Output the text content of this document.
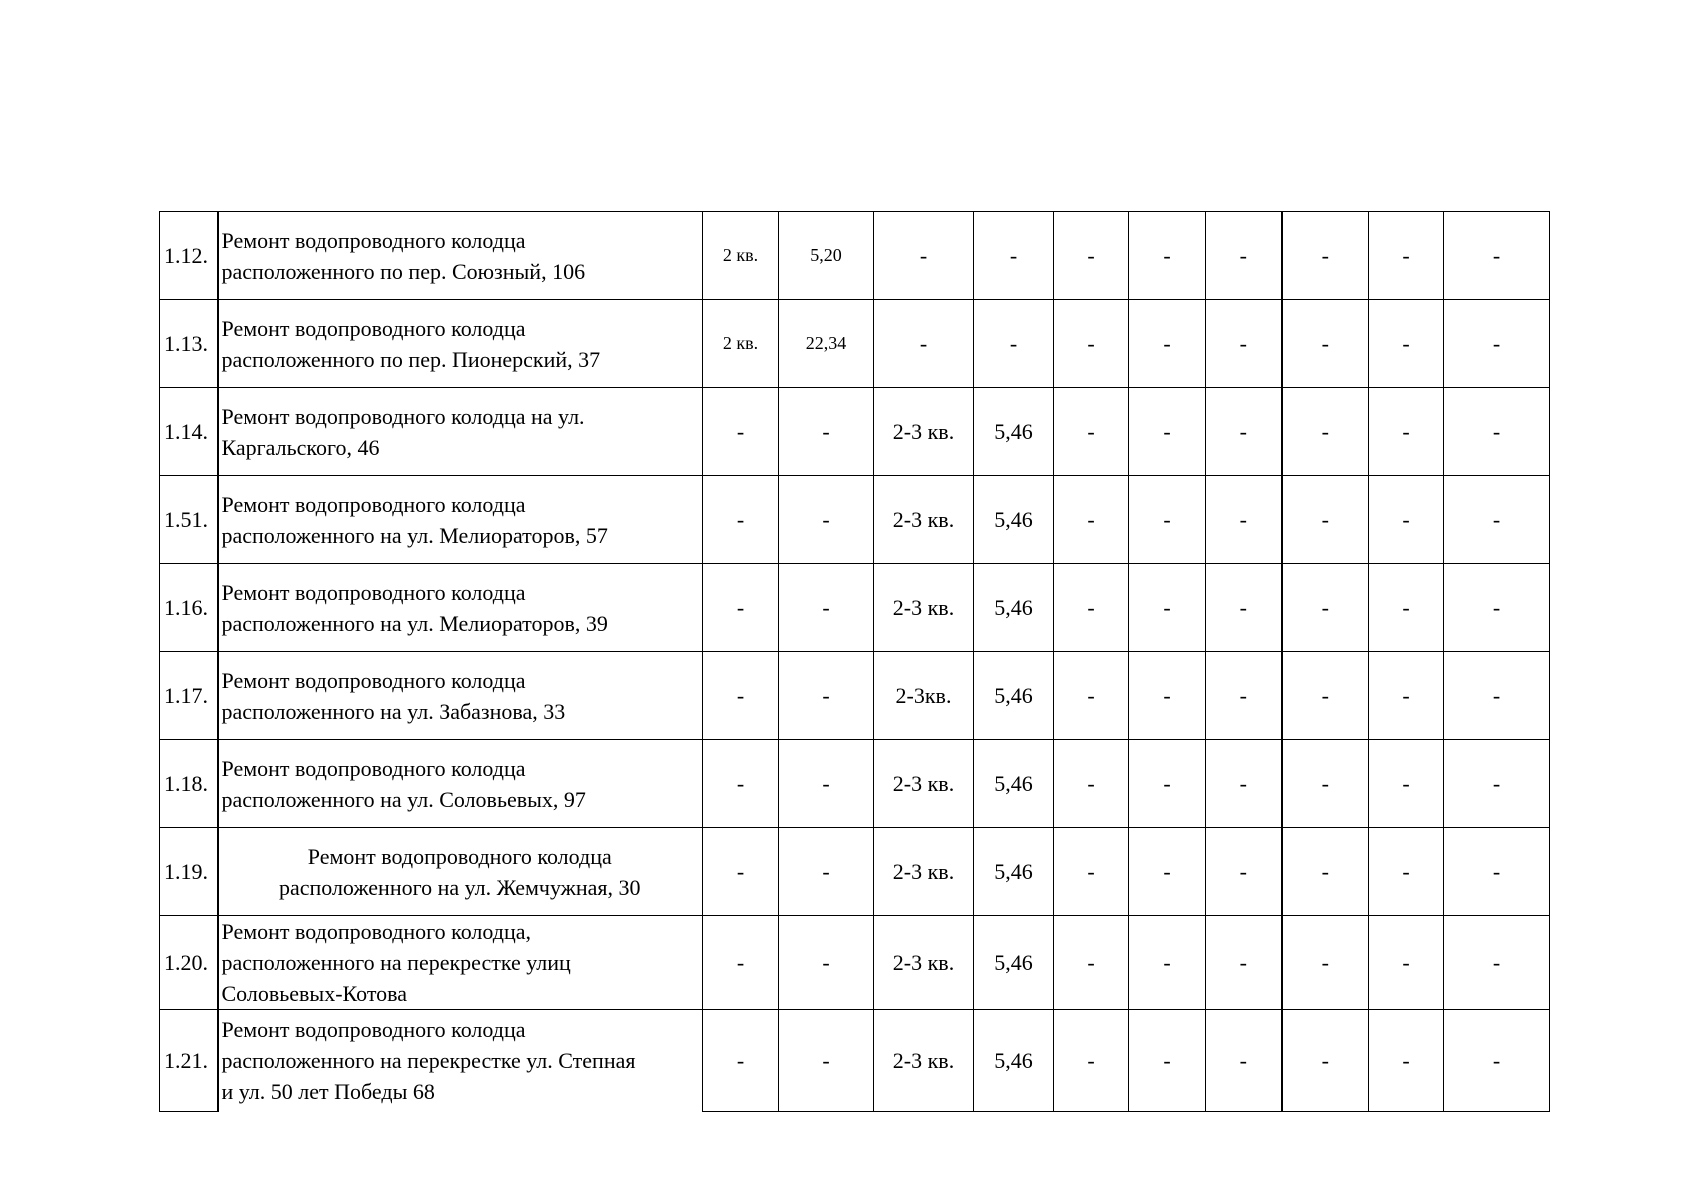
1.12.	Ремонт водопроводного колодца
расположенного по пер. Союзный, 106	2 кв.	5,20	-	-	-	-	-	-	-	-
1.13.	Ремонт водопроводного колодца
расположенного по пер. Пионерский, 37	2 кв.	22,34	-	-	-	-	-	-	-	-
1.14.	Ремонт водопроводного колодца на ул.
Каргальского, 46	-	-	2-3 кв.	5,46	-	-	-	-	-	-
1.51.	Ремонт водопроводного колодца
расположенного на ул. Мелиораторов, 57	-	-	2-3 кв.	5,46	-	-	-	-	-	-
1.16.	Ремонт водопроводного колодца
расположенного на ул. Мелиораторов, 39	-	-	2-3 кв.	5,46	-	-	-	-	-	-
1.17.	Ремонт водопроводного колодца
расположенного на ул. Забазнова, 33	-	-	2-3кв.	5,46	-	-	-	-	-	-
1.18.	Ремонт водопроводного колодца
расположенного на ул. Соловьевых, 97	-	-	2-3 кв.	5,46	-	-	-	-	-	-
1.19.	Ремонт водопроводного колодца
расположенного на ул. Жемчужная, 30	-	-	2-3 кв.	5,46	-	-	-	-	-	-
1.20.	Ремонт водопроводного колодца,
расположенного на перекрестке улиц
Соловьевых-Котова	-	-	2-3 кв.	5,46	-	-	-	-	-	-
1.21.	Ремонт водопроводного колодца
расположенного на перекрестке ул. Степная
и ул. 50 лет Победы 68	-	-	2-3 кв.	5,46	-	-	-	-	-	-
